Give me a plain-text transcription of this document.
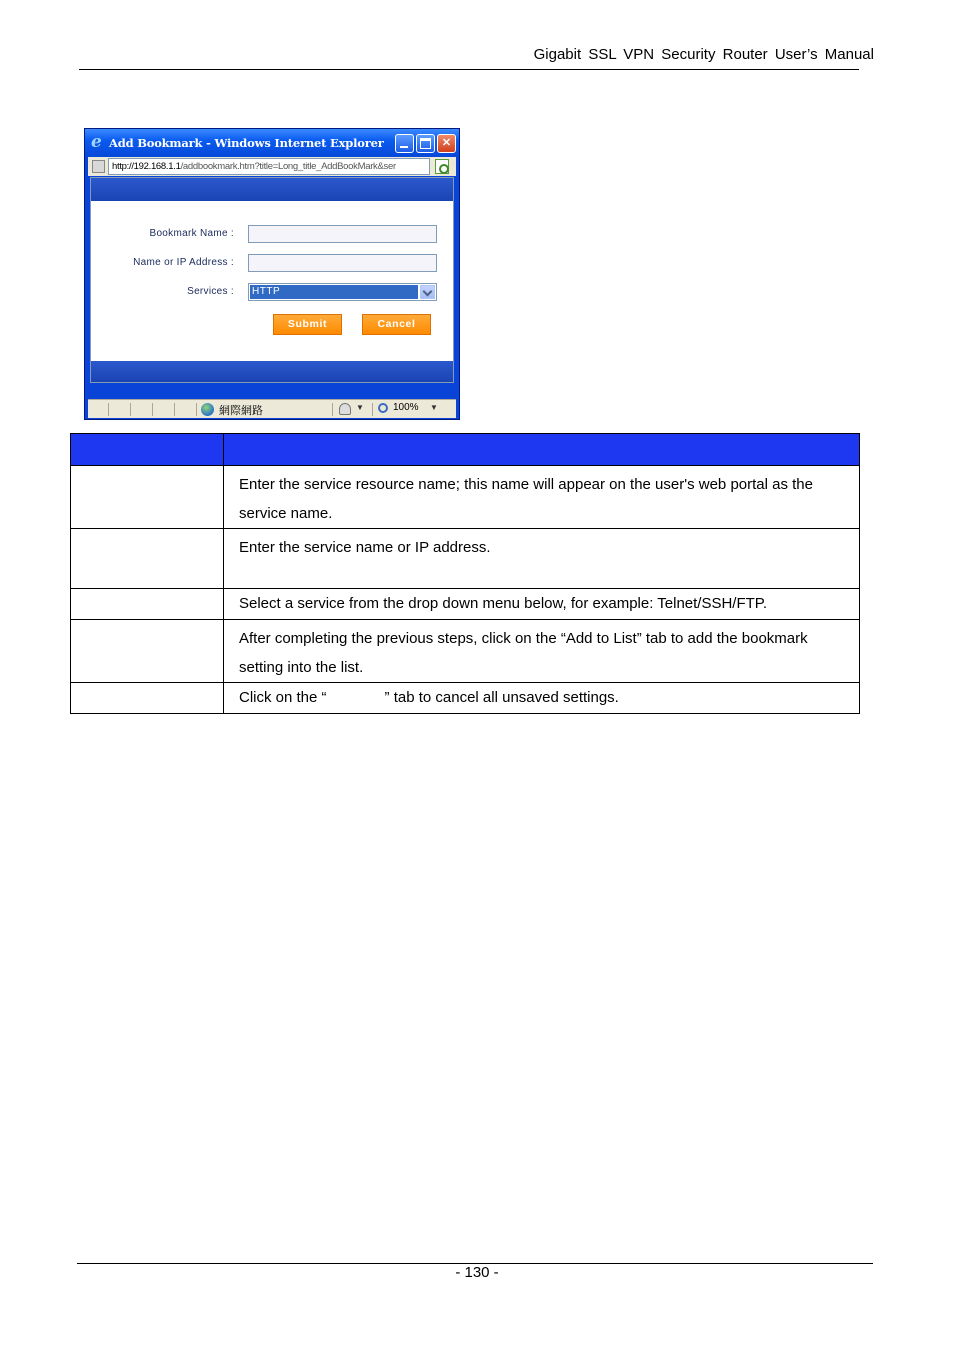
Gigabit SSL VPN Security Router User’s Manual
e Add Bookmark - Windows Internet Explorer	✕
http://192.168.1.1/addbookmark.htm?title=Long_title_AddBookMark&ser
Bookmark Name :
Name or IP Address :
Services : HTTP
Submit	Cancel
網際網路	▼	100% ▼

	Enter the service resource name; this name will appear on the user's web portal as the service name.
	Enter the service name or IP address.
	Select a service from the drop down menu below, for example: Telnet/SSH/FTP.
	After completing the previous steps, click on the “Add to List” tab to add the bookmark setting into the list.
	Click on the “ ” tab to cancel all unsaved settings.
- 130 -
